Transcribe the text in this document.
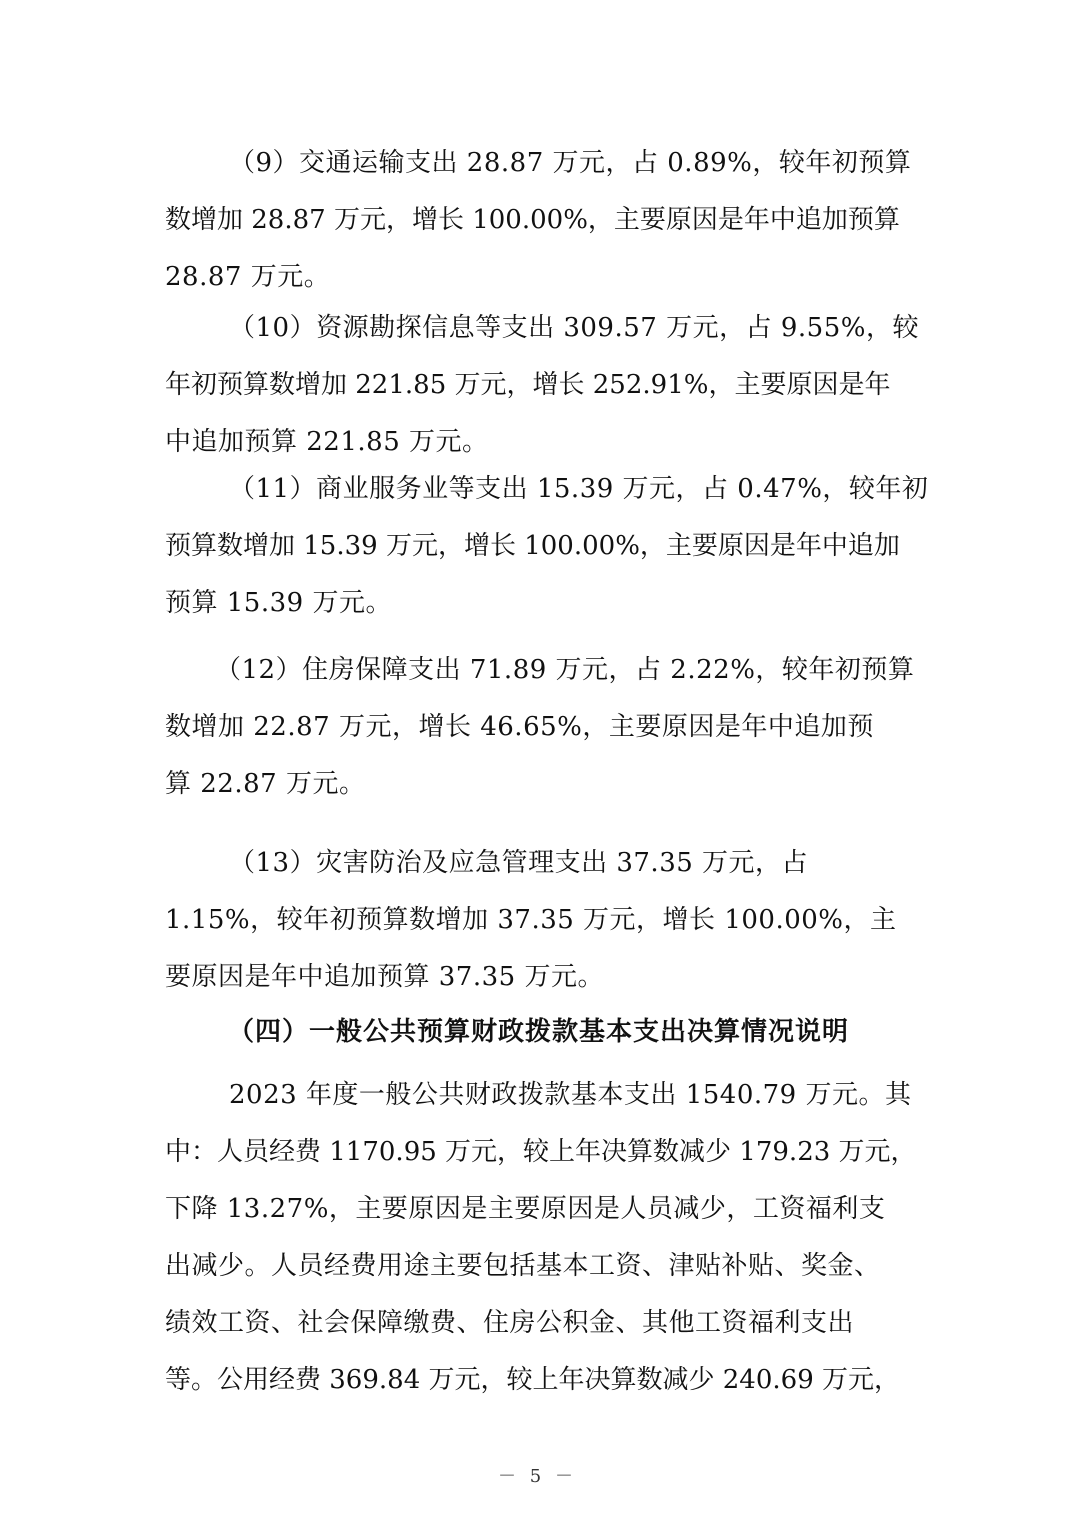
（9）交通运输支出 28.87 万元，占 0.89%，较年初预算
数增加 28.87 万元，增长 100.00%，主要原因是年中追加预算
28.87 万元。

（10）资源勘探信息等支出 309.57 万元，占 9.55%，较
年初预算数增加 221.85 万元，增长 252.91%，主要原因是年
中追加预算 221.85 万元。

（11）商业服务业等支出 15.39 万元，占 0.47%，较年初
预算数增加 15.39 万元，增长 100.00%，主要原因是年中追加
预算 15.39 万元。

（12）住房保障支出 71.89 万元，占 2.22%，较年初预算
数增加 22.87 万元，增长 46.65%，主要原因是年中追加预
算 22.87 万元。

（13）灾害防治及应急管理支出 37.35 万元，占
1.15%，较年初预算数增加 37.35 万元，增长 100.00%，主
要原因是年中追加预算 37.35 万元。

（四）一般公共预算财政拨款基本支出决算情况说明

2023 年度一般公共财政拨款基本支出 1540.79 万元。其
中：人员经费 1170.95 万元，较上年决算数减少 179.23 万元，
下降 13.27%，主要原因是主要原因是人员减少，工资福利支
出减少。人员经费用途主要包括基本工资、津贴补贴、奖金、
绩效工资、社会保障缴费、住房公积金、其他工资福利支出
等。公用经费 369.84 万元，较上年决算数减少 240.69 万元，

－ 5 －
